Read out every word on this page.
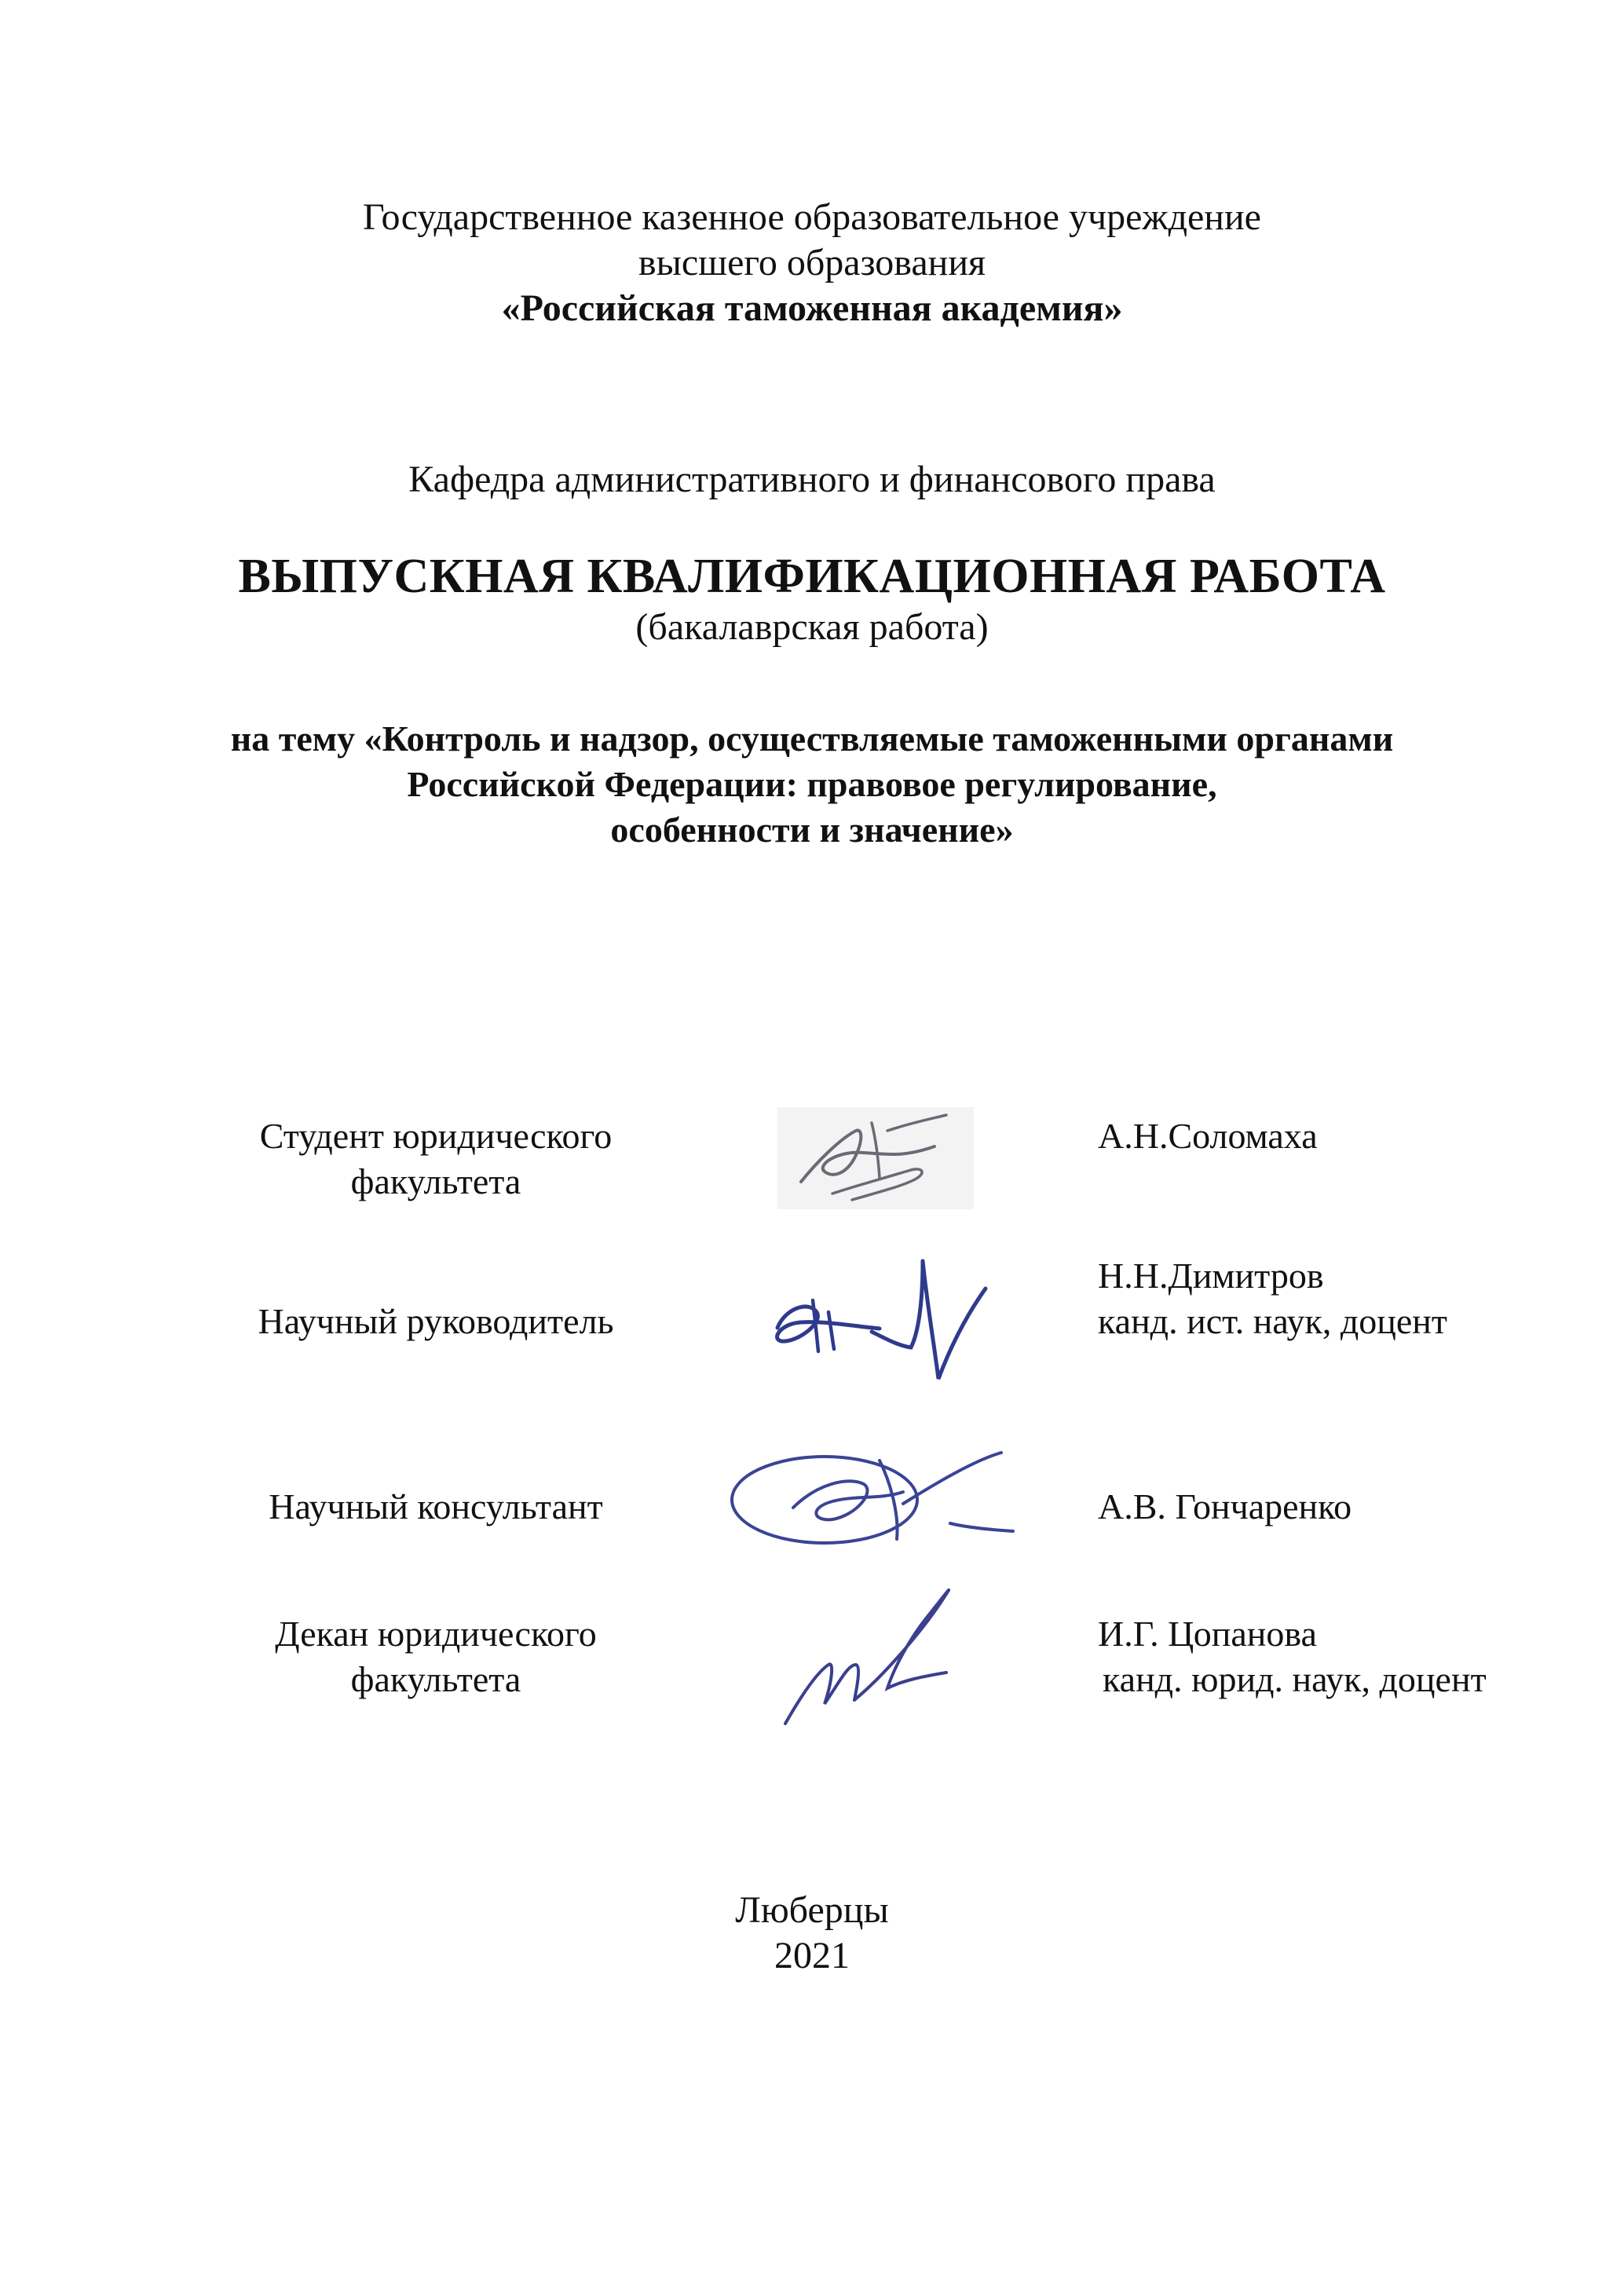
Государственное казенное образовательное учреждение
высшего образования
«Российская таможенная академия»
Кафедра административного и финансового права
ВЫПУСКНАЯ КВАЛИФИКАЦИОННАЯ РАБОТА
(бакалаврская работа)
на тему «Контроль и надзор, осуществляемые таможенными органами
Российской Федерации: правовое регулирование,
особенности и значение»
Студент юридического
факультета
А.Н.Соломаха
Научный руководитель
Н.Н.Димитров
канд. ист. наук, доцент
Научный консультант	А.В. Гончаренко
Декан юридического
факультета
И.Г. Цопанова
канд. юрид. наук, доцент
Люберцы
2021
